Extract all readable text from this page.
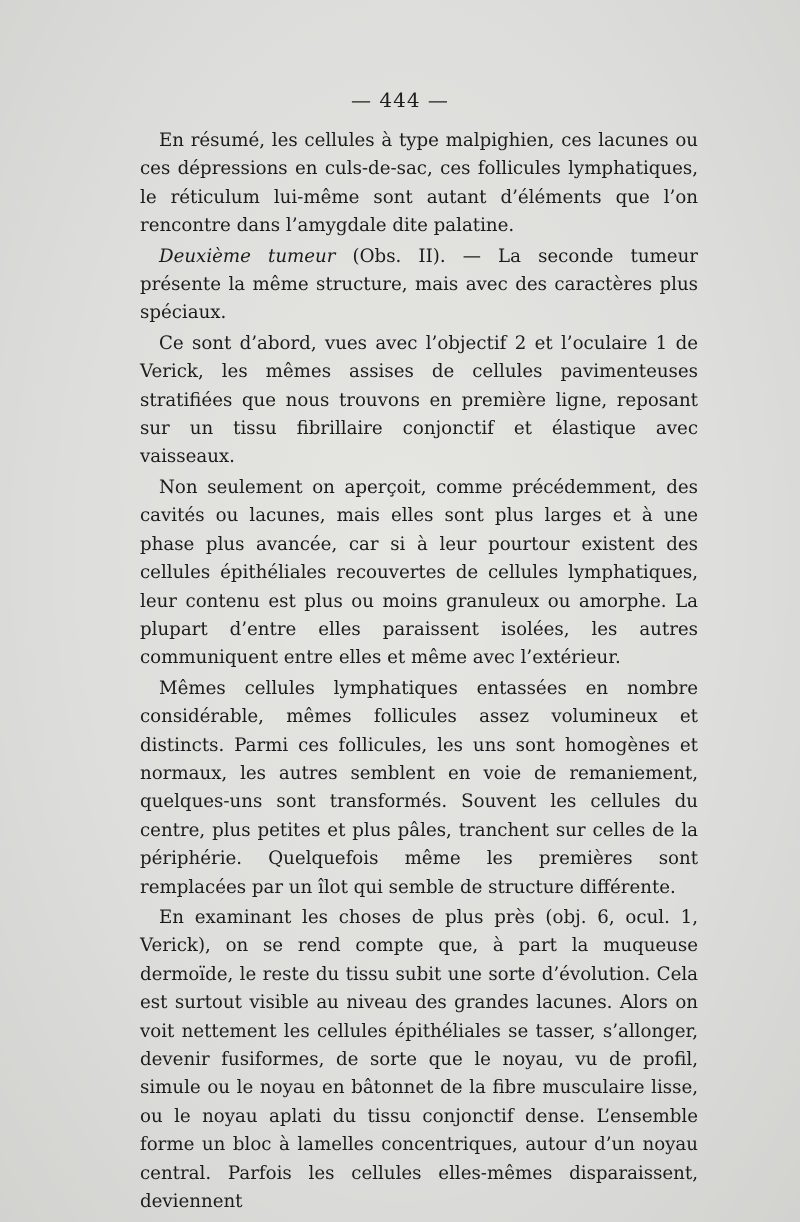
— 444 —

En résumé, les cellules à type malpighien, ces lacunes ou ces dépressions en culs-de-sac, ces follicules lymphatiques, le réticulum lui-même sont autant d’éléments que l’on rencontre dans l’amygdale dite palatine.

Deuxième tumeur (Obs. II). — La seconde tumeur présente la même structure, mais avec des caractères plus spéciaux.

Ce sont d’abord, vues avec l’objectif 2 et l’oculaire 1 de Verick, les mêmes assises de cellules pavimenteuses stratifiées que nous trouvons en première ligne, reposant sur un tissu fibrillaire conjonctif et élastique avec vaisseaux.

Non seulement on aperçoit, comme précédemment, des cavités ou lacunes, mais elles sont plus larges et à une phase plus avancée, car si à leur pourtour existent des cellules épithéliales recouvertes de cellules lymphatiques, leur contenu est plus ou moins granuleux ou amorphe. La plupart d’entre elles paraissent isolées, les autres communiquent entre elles et même avec l’extérieur.

Mêmes cellules lymphatiques entassées en nombre considérable, mêmes follicules assez volumineux et distincts. Parmi ces follicules, les uns sont homogènes et normaux, les autres semblent en voie de remaniement, quelques-uns sont transformés. Souvent les cellules du centre, plus petites et plus pâles, tranchent sur celles de la périphérie. Quelquefois même les premières sont remplacées par un îlot qui semble de structure différente.

En examinant les choses de plus près (obj. 6, ocul. 1, Verick), on se rend compte que, à part la muqueuse dermoïde, le reste du tissu subit une sorte d’évolution. Cela est surtout visible au niveau des grandes lacunes. Alors on voit nettement les cellules épithéliales se tasser, s’allonger, devenir fusiformes, de sorte que le noyau, vu de profil, simule ou le noyau en bâtonnet de la fibre musculaire lisse, ou le noyau aplati du tissu conjonctif dense. L’ensemble forme un bloc à lamelles concentriques, autour d’un noyau central. Parfois les cellules elles-mêmes disparaissent, deviennent
